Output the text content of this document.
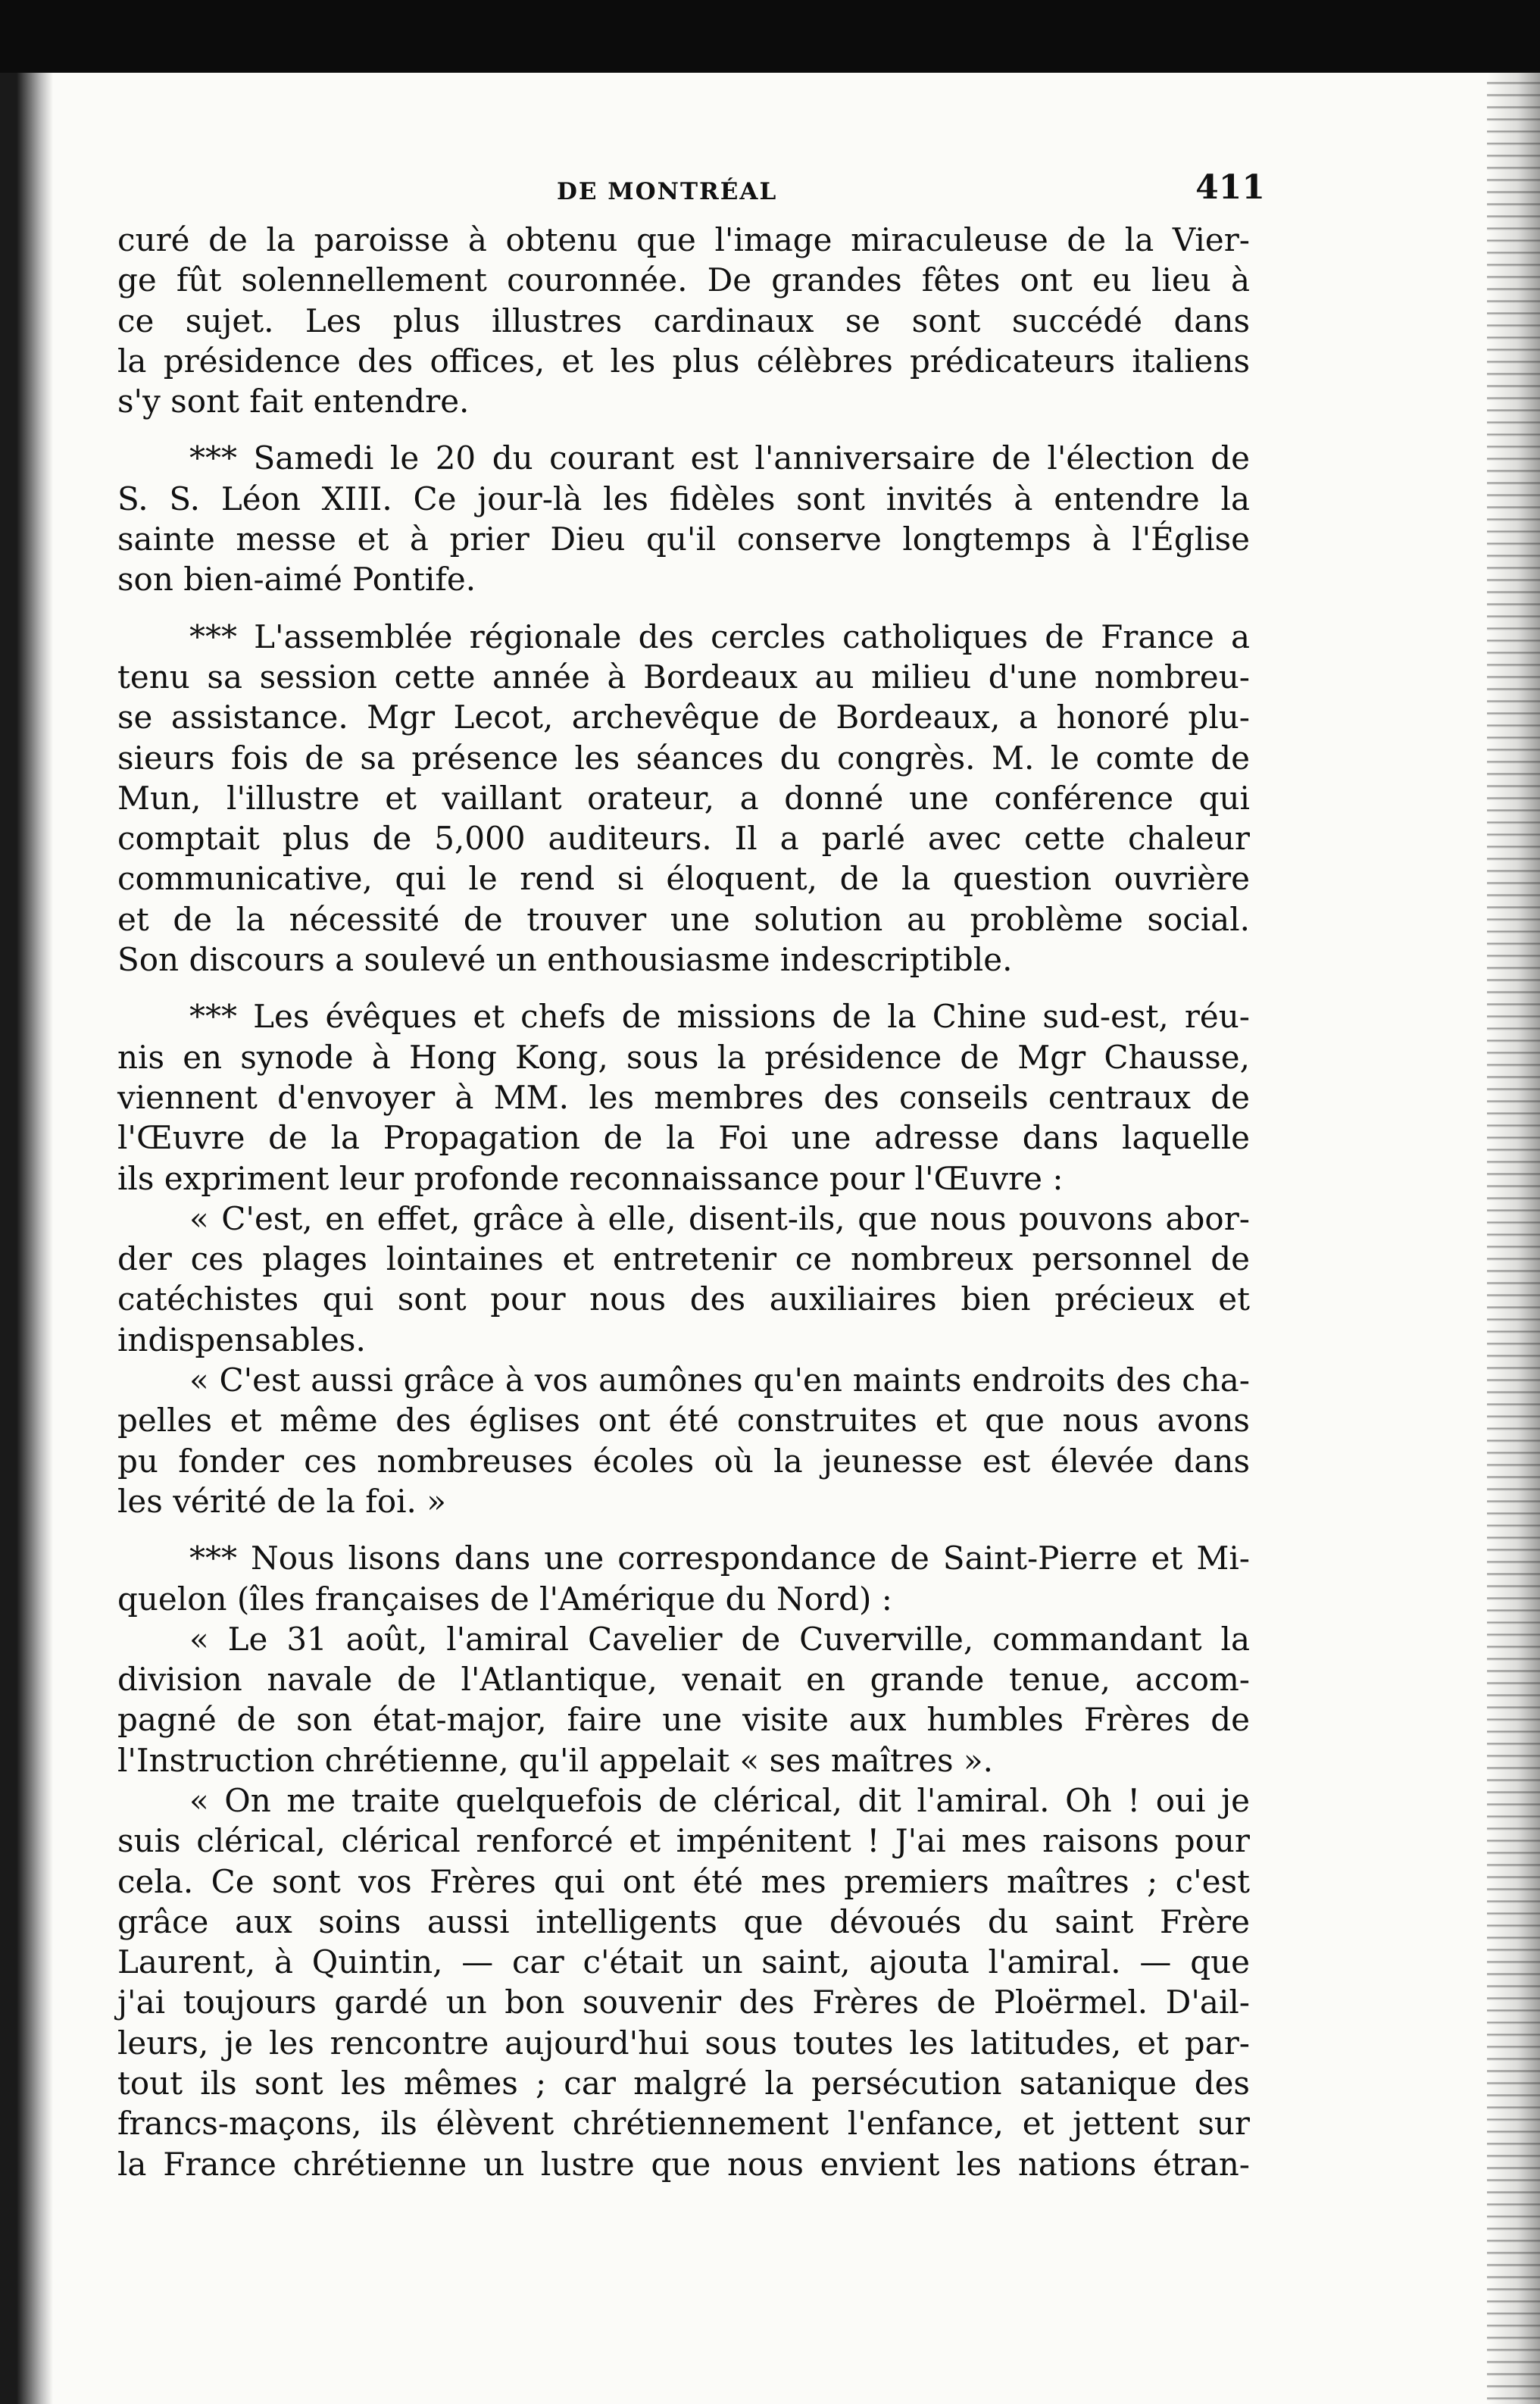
DE MONTRÉAL	411
curé de la paroisse à obtenu que l'image miraculeuse de la Vier-
ge fût solennellement couronnée. De grandes fêtes ont eu lieu à
ce sujet. Les plus illustres cardinaux se sont succédé dans
la présidence des offices, et les plus célèbres prédicateurs italiens
s'y sont fait entendre.
*** Samedi le 20 du courant est l'anniversaire de l'élection de
S. S. Léon XIII. Ce jour-là les fidèles sont invités à entendre la
sainte messe et à prier Dieu qu'il conserve longtemps à l'Église
son bien-aimé Pontife.
*** L'assemblée régionale des cercles catholiques de France a
tenu sa session cette année à Bordeaux au milieu d'une nombreu-
se assistance. Mgr Lecot, archevêque de Bordeaux, a honoré plu-
sieurs fois de sa présence les séances du congrès. M. le comte de
Mun, l'illustre et vaillant orateur, a donné une conférence qui
comptait plus de 5,000 auditeurs. Il a parlé avec cette chaleur
communicative, qui le rend si éloquent, de la question ouvrière
et de la nécessité de trouver une solution au problème social.
Son discours a soulevé un enthousiasme indescriptible.
*** Les évêques et chefs de missions de la Chine sud-est, réu-
nis en synode à Hong Kong, sous la présidence de Mgr Chausse,
viennent d'envoyer à MM. les membres des conseils centraux de
l'Œuvre de la Propagation de la Foi une adresse dans laquelle
ils expriment leur profonde reconnaissance pour l'Œuvre :
« C'est, en effet, grâce à elle, disent-ils, que nous pouvons abor-
der ces plages lointaines et entretenir ce nombreux personnel de
catéchistes qui sont pour nous des auxiliaires bien précieux et
indispensables.
« C'est aussi grâce à vos aumônes qu'en maints endroits des cha-
pelles et même des églises ont été construites et que nous avons
pu fonder ces nombreuses écoles où la jeunesse est élevée dans
les vérité de la foi. »
*** Nous lisons dans une correspondance de Saint-Pierre et Mi-
quelon (îles françaises de l'Amérique du Nord) :
« Le 31 août, l'amiral Cavelier de Cuverville, commandant la
division navale de l'Atlantique, venait en grande tenue, accom-
pagné de son état-major, faire une visite aux humbles Frères de
l'Instruction chrétienne, qu'il appelait « ses maîtres ».
« On me traite quelquefois de clérical, dit l'amiral. Oh ! oui je
suis clérical, clérical renforcé et impénitent ! J'ai mes raisons pour
cela. Ce sont vos Frères qui ont été mes premiers maîtres ; c'est
grâce aux soins aussi intelligents que dévoués du saint Frère
Laurent, à Quintin, — car c'était un saint, ajouta l'amiral. — que
j'ai toujours gardé un bon souvenir des Frères de Ploërmel. D'ail-
leurs, je les rencontre aujourd'hui sous toutes les latitudes, et par-
tout ils sont les mêmes ; car malgré la persécution satanique des
francs-maçons, ils élèvent chrétiennement l'enfance, et jettent sur
la France chrétienne un lustre que nous envient les nations étran-
